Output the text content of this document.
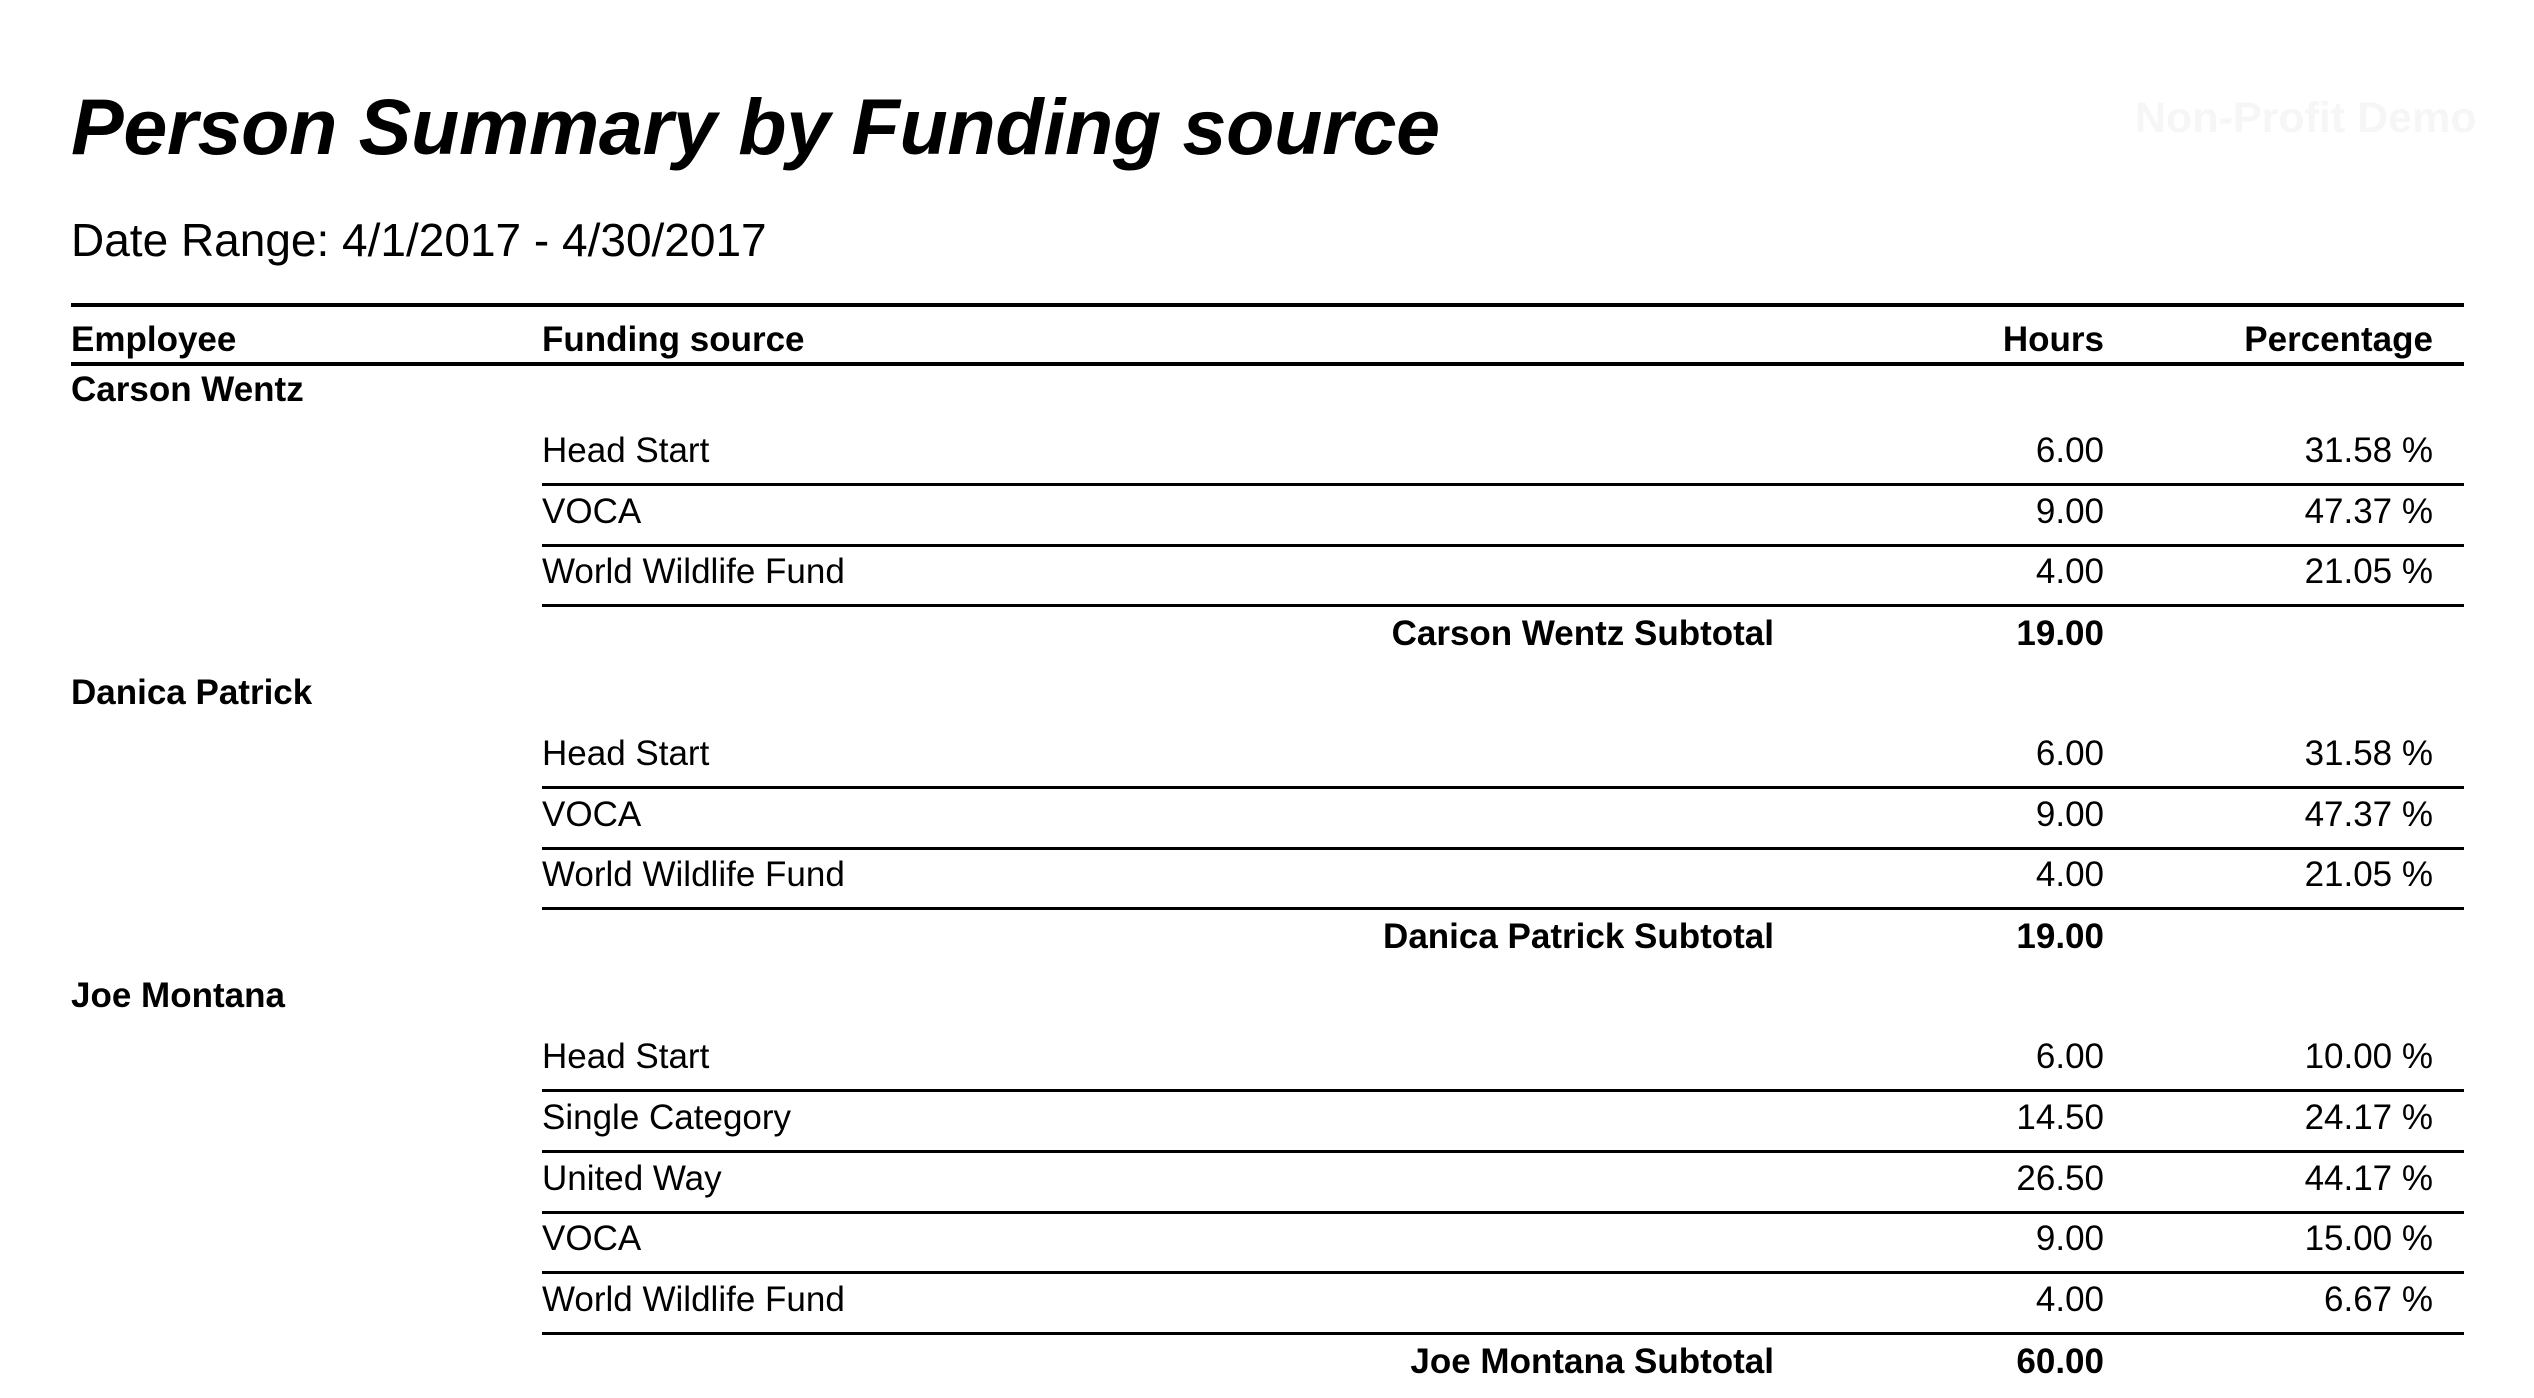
Person Summary by Funding source	Non-Profit Demo
Date Range: 4/1/2017 - 4/30/2017
Employee	Funding source	Hours	Percentage
Carson Wentz
Head Start	6.00	31.58 %
VOCA	9.00	47.37 %
World Wildlife Fund	4.00	21.05 %
Carson Wentz Subtotal	19.00
Danica Patrick
Head Start	6.00	31.58 %
VOCA	9.00	47.37 %
World Wildlife Fund	4.00	21.05 %
Danica Patrick Subtotal	19.00
Joe Montana
Head Start	6.00	10.00 %
Single Category	14.50	24.17 %
United Way	26.50	44.17 %
VOCA	9.00	15.00 %
World Wildlife Fund	4.00	6.67 %
Joe Montana Subtotal	60.00
